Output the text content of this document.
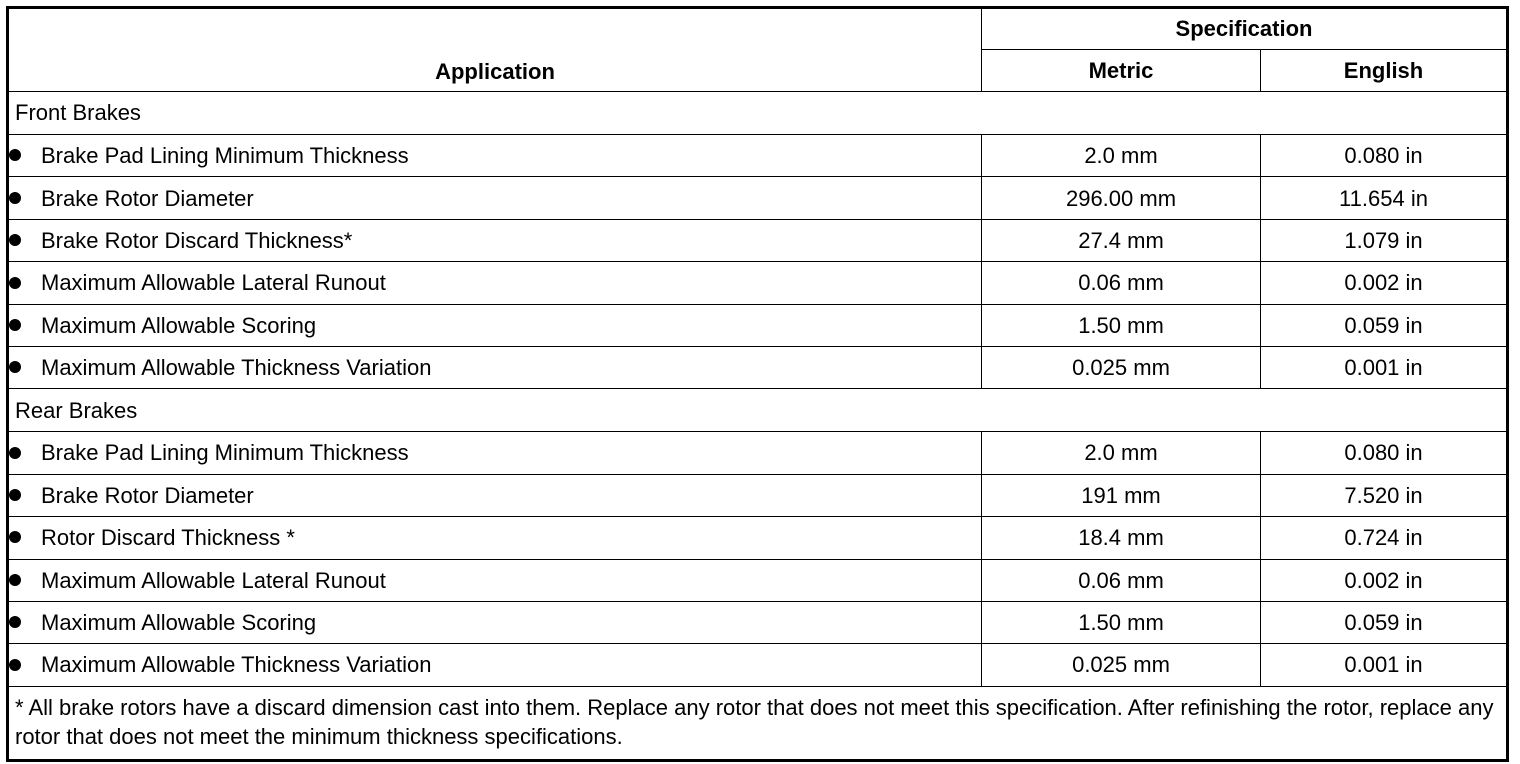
Application	Specification	
	Metric	English
Front Brakes		
Brake Pad Lining Minimum Thickness	2.0 mm	0.080 in
Brake Rotor Diameter	296.00 mm	11.654 in
Brake Rotor Discard Thickness*	27.4 mm	1.079 in
Maximum Allowable Lateral Runout	0.06 mm	0.002 in
Maximum Allowable Scoring	1.50 mm	0.059 in
Maximum Allowable Thickness Variation	0.025 mm	0.001 in
Rear Brakes		
Brake Pad Lining Minimum Thickness	2.0 mm	0.080 in
Brake Rotor Diameter	191 mm	7.520 in
Rotor Discard Thickness *	18.4 mm	0.724 in
Maximum Allowable Lateral Runout	0.06 mm	0.002 in
Maximum Allowable Scoring	1.50 mm	0.059 in
Maximum Allowable Thickness Variation	0.025 mm	0.001 in
* All brake rotors have a discard dimension cast into them. Replace any rotor that does not meet this specification. After refinishing the rotor, replace any rotor that does not meet the minimum thickness specifications.		
